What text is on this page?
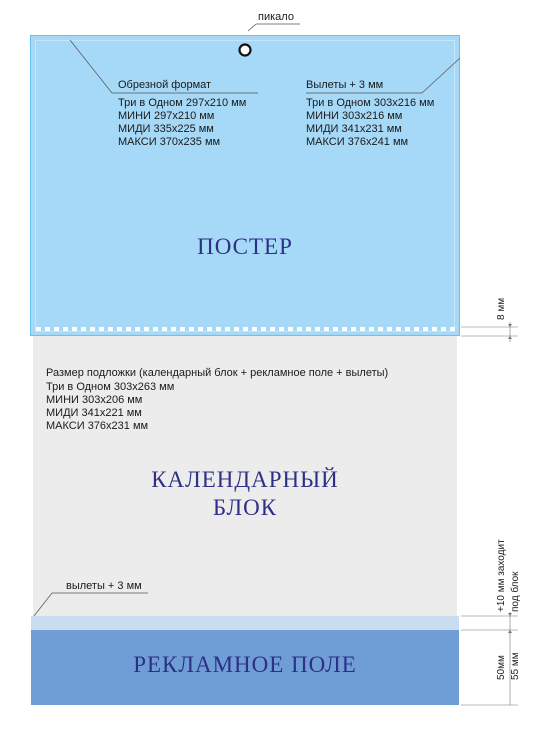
пикало
Обрезной формат
Три в Одном 297х210 мм
МИНИ 297х210 мм
МИДИ 335х225 мм
МАКСИ 370х235 мм
Вылеты + 3 мм
Три в Одном 303х216 мм
МИНИ 303х216 мм
МИДИ 341х231 мм
МАКСИ 376х241 мм
ПОСТЕР
Размер подложки (календарный блок + рекламное поле + вылеты)
Три в Одном 303х263 мм
МИНИ 303х206 мм
МИДИ 341х221 мм
МАКСИ 376х231 мм
КАЛЕНДАРНЫЙ
БЛОК
вылеты + 3 мм
РЕКЛАМНОЕ ПОЛЕ
8 мм
+10 мм заходит под блок
50мм 55 мм
